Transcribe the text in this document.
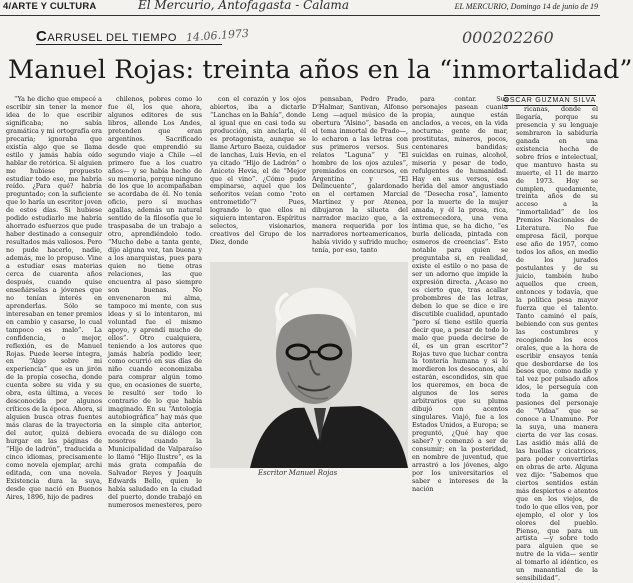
4/ARTE Y CULTURA	El Mercurio, Antofagasta - Calama	EL MERCURIO, Domingo 14 de junio de 19
CARRUSEL DEL TIEMPO 14.06.1973	000202260
Manuel Rojas: treinta años en la “inmortalidad”
OSCAR GUZMAN SILVA

“Ya he dicho que empecé a escribir sin tener la menor idea de lo que escribir significaba; no sabía gramática y mi ortografía era precaria; ignoraba que existía algo que se llama estilo y jamás había oído hablar de retórica. Si alguien me hubiese propuesto estudiar todo eso, me habría reído. ¿Para qué? habría preguntado; con la suficiente que lo haría un escritor joven de estos días. Si hubiese podido estudiarlo me habría ahorrado esfuerzos que pude haber destinado a conseguir resultados más valiosos. Pero no pude hacerlo, nadie, además, me lo propuso. Vine a estudiar esas materias cerca de cuarenta años después, cuando quise enseñárselas a jóvenes que no tenían interés en aprenderlas. Sólo se interesaban en tener premios en cambio y casarse, lo cual tampoco es malo”. La confidencia, o mejor, reflexión, es de Manuel Rojas. Puede leerse íntegra, en “Algo sobre mi experiencia” que es un jirón de la propia cosecha, donde cuenta sobre su vida y su obra, esta última, a veces desconocida por algunos críticos de la época. Ahora, si alguien busca otras fuentes más claras de la trayectoria del autor, quizá debiera hurgar en las páginas de “Hijo de ladrón”, traducida a cinco idiomas, precisamente como novela ejemplar, archi editada, con una novela. Existencia dura la suya, desde que nació en Buenos Aires, 1896, hijo de padres

chilenos, pobres como lo fue él, los que ahora, algunos editores de sus libros, allende Los Andes, pretenden que eran argentinos. Sacrificado desde que emprendió su segundo viaje a Chile —el primero fue a los cuatro años— y se había hecho de su memoria, porque ninguno de los que lo acompañaban se acordaba de él. No tenía oficio, pero sí muchas agallas, además un natural sentido de la filosofía que le traspasaba de un trabajo a otro, aprendiéndolo todo. “Mucho debe a tanta gente, dijo alguna vez, tan buena y a los anarquistas, pues para quien no tiene otras relaciones, las que encuentra al paso siempre son buenas. No envenenaron mi alma, tampoco mi mente, con sus ideas y si lo intentaron, mi voluntad fue el mismo apoyo, y aprendí mucho de ellos”. Otro cualquiera, teniendo a los autores que jamás habría podido leer, como ocurrió en sus días de niño cuando economizaba para comprar algún tomo que, en ocasiones de suerte, le resultó ser todo lo contrario de lo que había imaginado. En su “Antología autobiográfica” hay más que en la simple cita anterior, evocada de su diálogo con nosotros cuando la Municipalidad de Valparaíso lo llamó “Hijo Ilustre”, es la más grata compañía de Salvador Reyes y Joaquín Edwards Bello, quien le había saludado en la ciudad del puerto, donde trabajó en numerosos menesteres, pero

con el corazón y los ojos abiertos, iba a dictarle “Lanchas en la Bahía”, donde al igual que en casi toda su producción, sin anclarla, él es protagonista, aunque se llame Arturo Baeza, cuidador de lanchas, Luis Hevia, en el ya citado “Hijo de Ladrón” o Aniceto Hevia, el de “Mejor que el vino”. ¿Cómo pudo empinarse, aquel que los señoritos veían como “roto entrometido”? Pues, logrando lo que ellos ni siquiera intentaron. Espíritus selectos, visionarios, creativos del Grupo de los Diez, donde

pensaban, Pedro Prado, D'Halmar, Santivan, Alfonso Leng —aquel músico de la obertura “Alsino”, basada en el tema inmortal de Prado—, lo echaron a las letras con sus primeros versos. Sus relatos “Laguna” y “El hombre de los ojos azules”, premiados en concursos, en Argentina y “El Delincuente”, galardonado en el certamen Marcial Martínez y por Atenea, dibujaron la silueta del narrador macizo que, a la manera requerida por los narradores norteamericanos, había vivido y sufrido mucho; tenía, por eso, tanto

para contar. Sus personajes pasean cuanta propia, aunque están anclados, a veces, en la vida nocturna: gente de mar, prostitutas, mineros, pocos, centenares bandidas; suicidas en ruinas, alcohol, miseria y pesar de todo, refulgentes de humanidad. Hay en sus versos, esa herida del amor angustiado de “Desecha rosa”, lamento por la muerte de la mujer amada, y él la prosa, rica, extremecedora, una vena íntima que, se ha dicho, “es burla delicada, pintada con esmeros de creencias”. Esto notable para quien se preguntaba si, en realidad, existe el estilo o no pasa de ser un adorno que impide la expresión directa. ¿Acaso no es cierto que, tras acallar probombres de las letras, deben lo que se dice e ire discutible cualidad, apuntado “pero sí tiene estilo quería decir que, a pesar de todo lo malo que pueda decirse de él, es un gran escritor”? Rojas tuvo que luchar contra la tontería humana y sí lo mordieron los desocanos, ahí estarán, escondidos, sin que los queremos, en boca de algunos de los seres arbitrarios que su pluma dibujó con acentos singulares. Viajó, fue a los Estados Unidos, a Europa; se preguntó, ¿Qué hay que saber? y comenzó a ser de consumir; en la posteridad, en nombre de juventud, que arrastró a los jóvenes, algo por los universitarios el saber e intereses de la nación

ricanas, donde el llegaría, porque su presencia y su lenguaje sembraron la sabiduría ganada en una existencia hecha de sobre fríos e intelectual, que mantuvo hasta su muerte, el 11 de marzo de 1973. Hoy se cumplen, quedamente, treinta años de su acceso a la “inmortalidad” de los Premios Nacionales de Literatura. No fue empresa fácil, porque ese año de 1957, como todos los años, en medio de los jurados postulantes y de su juicio, también hubo aquellos que creen, entonces y todavía, que la política pesa mayor fuerza que el talento. Tanto caminó el país, bebiendo con sus gentes las costumbres y recogiendo los ecos orales, que a la hora de escribir ensayos tenía que desbordarse de los besos que, como nadie y tal vez por pulsado años idos, le perseguía con toda la gama de pasiones del personaje de “Vidaa” que se conoce a Unamuno. Por la suya, una manera cierta de ver las cosas. Las asidió más allá de las huellas y cicatrices, para poder convertirlas en obras de arte. Alguna vez dijo: “Sabemos que ciertos sentidos están más despiertos e atentos que en los viejos, de todo lo que ellos ven, por ejemplo, el olor y los olores del pueblo. Pienso, que para un artista —y sobre todo para alguien que se nutre de la vida— sentir al tomarlo al idéntico, es un manantial de la sensibilidad”.

Escritor Manuel Rojas
